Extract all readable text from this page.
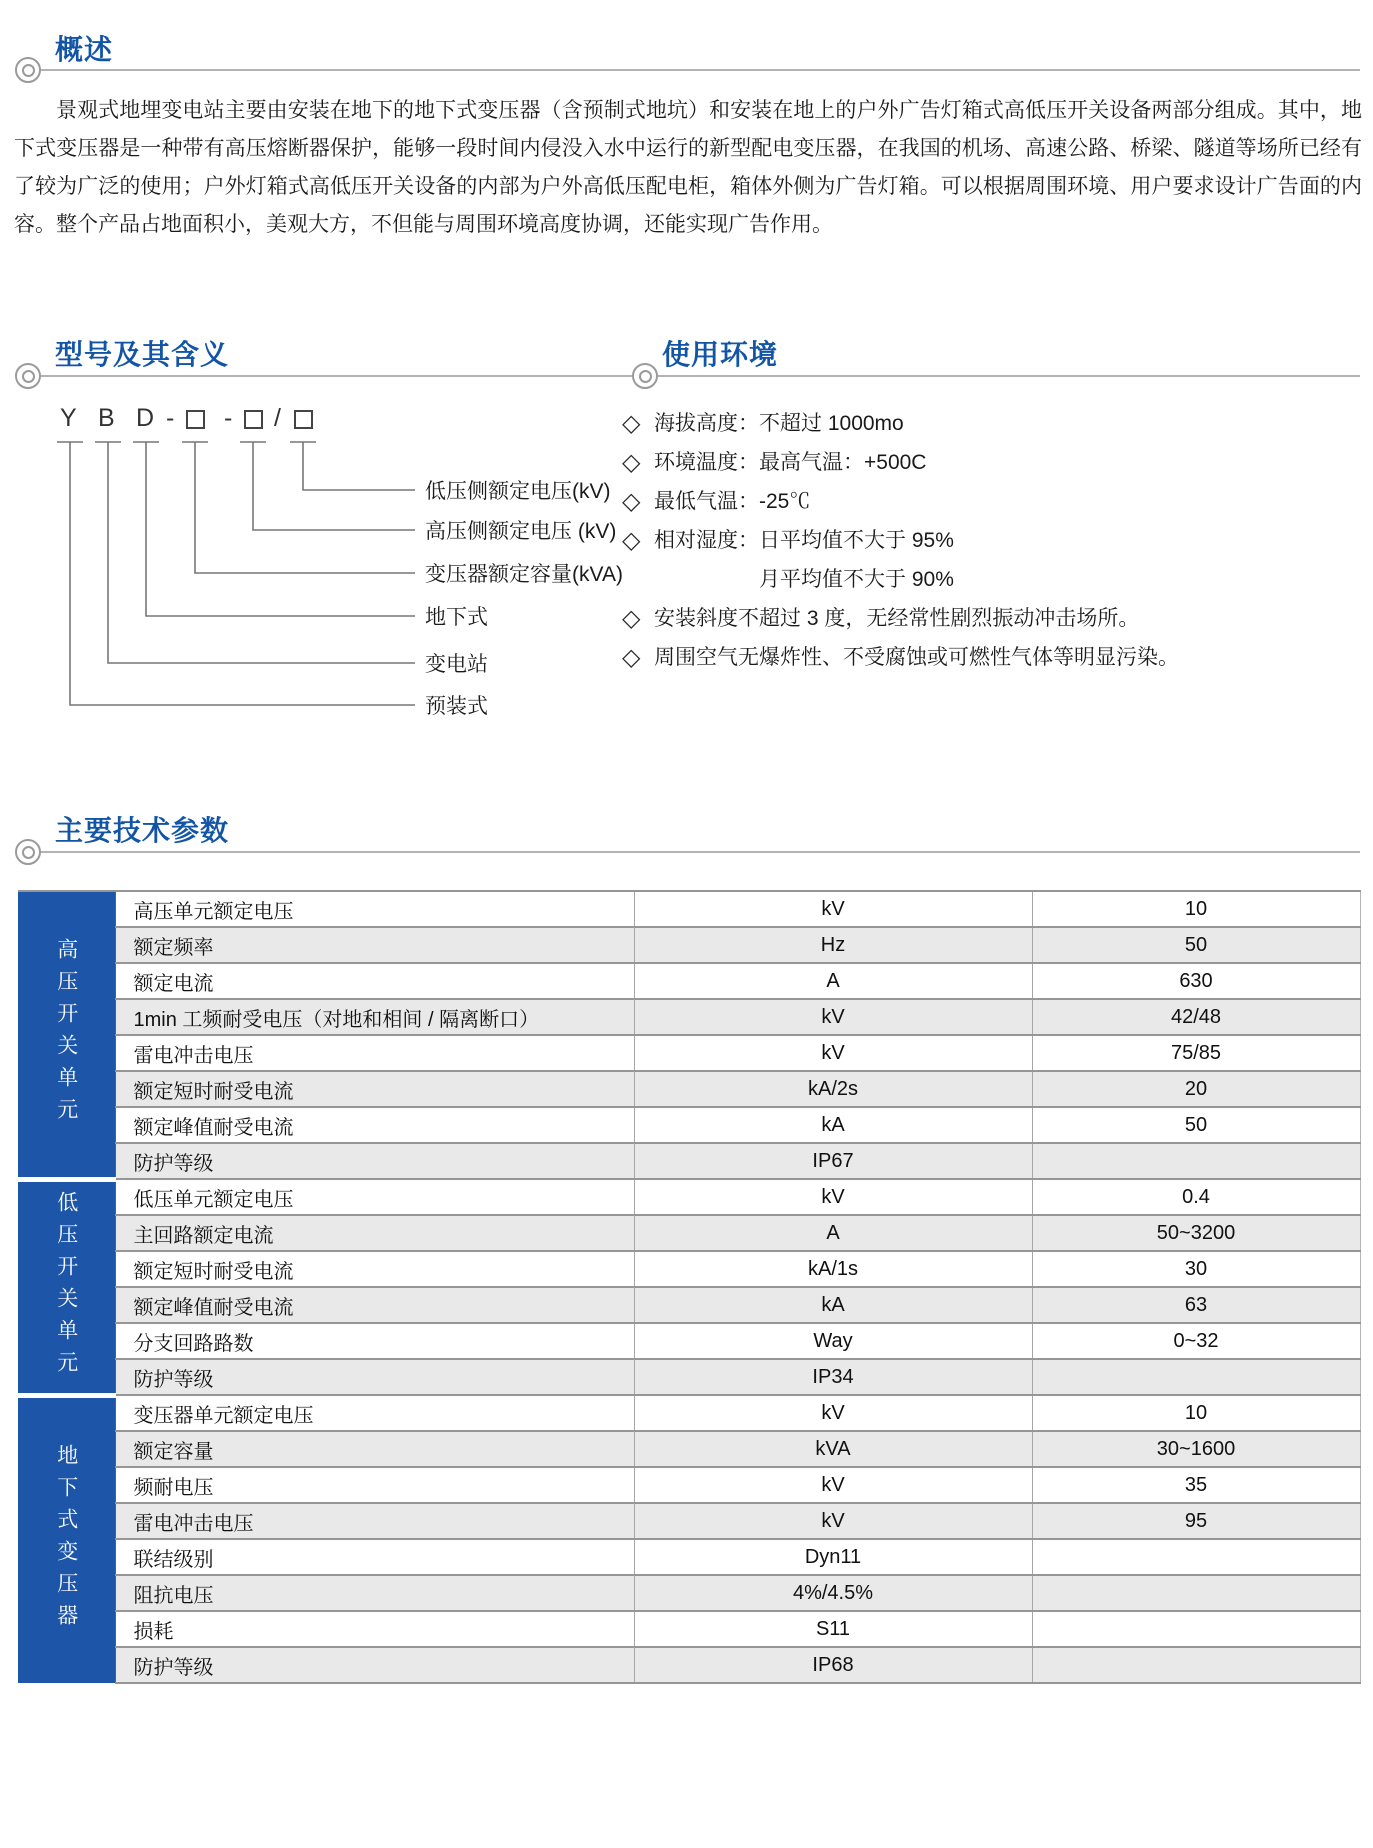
概述

景观式地埋变电站主要由安装在地下的地下式变压器（含预制式地坑）和安装在地上的户外广告灯箱式高低压开关设备两部分组成。其中，地下式变压器是一种带有高压熔断器保护，能够一段时间内侵没入水中运行的新型配电变压器，在我国的机场、高速公路、桥梁、隧道等场所已经有了较为广泛的使用；户外灯箱式高低压开关设备的内部为户外高低压配电柜，箱体外侧为广告灯箱。可以根据周围环境、用户要求设计广告面的内容。整个产品占地面积小，美观大方，不但能与周围环境高度协调，还能实现广告作用。

型号及其含义	使用环境
Y B D - - /
低压侧额定电压(kV)
高压侧额定电压 (kV)
变压器额定容量(kVA)
地下式
变电站
预装式
◇ 海拔高度：不超过 1000mo
◇ 环境温度：最高气温：+500C
◇ 最低气温：-25℃
◇ 相对湿度：日平均值不大于 95%
月平均值不大于 90%
◇ 安装斜度不超过 3 度，无经常性剧烈振动冲击场所。
◇ 周围空气无爆炸性、不受腐蚀或可燃性气体等明显污染。
主要技术参数
高压开关单元	高压单元额定电压	kV	10
	额定频率	Hz	50
	额定电流	A	630
	1min 工频耐受电压（对地和相间 / 隔离断口）	kV	42/48
	雷电冲击电压	kV	75/85
	额定短时耐受电流	kA/2s	20
	额定峰值耐受电流	kA	50
	防护等级	IP67	

低压开关单元	低压单元额定电压	kV	0.4
	主回路额定电流	A	50~3200
	额定短时耐受电流	kA/1s	30
	额定峰值耐受电流	kA	63
	分支回路路数	Way	0~32
	防护等级	IP34	

地下式变压器	变压器单元额定电压	kV	10
	额定容量	kVA	30~1600
	频耐电压	kV	35
	雷电冲击电压	kV	95
	联结级别	Dyn11	
	阻抗电压	4%/4.5%	
	损耗	S11	
	防护等级	IP68	
